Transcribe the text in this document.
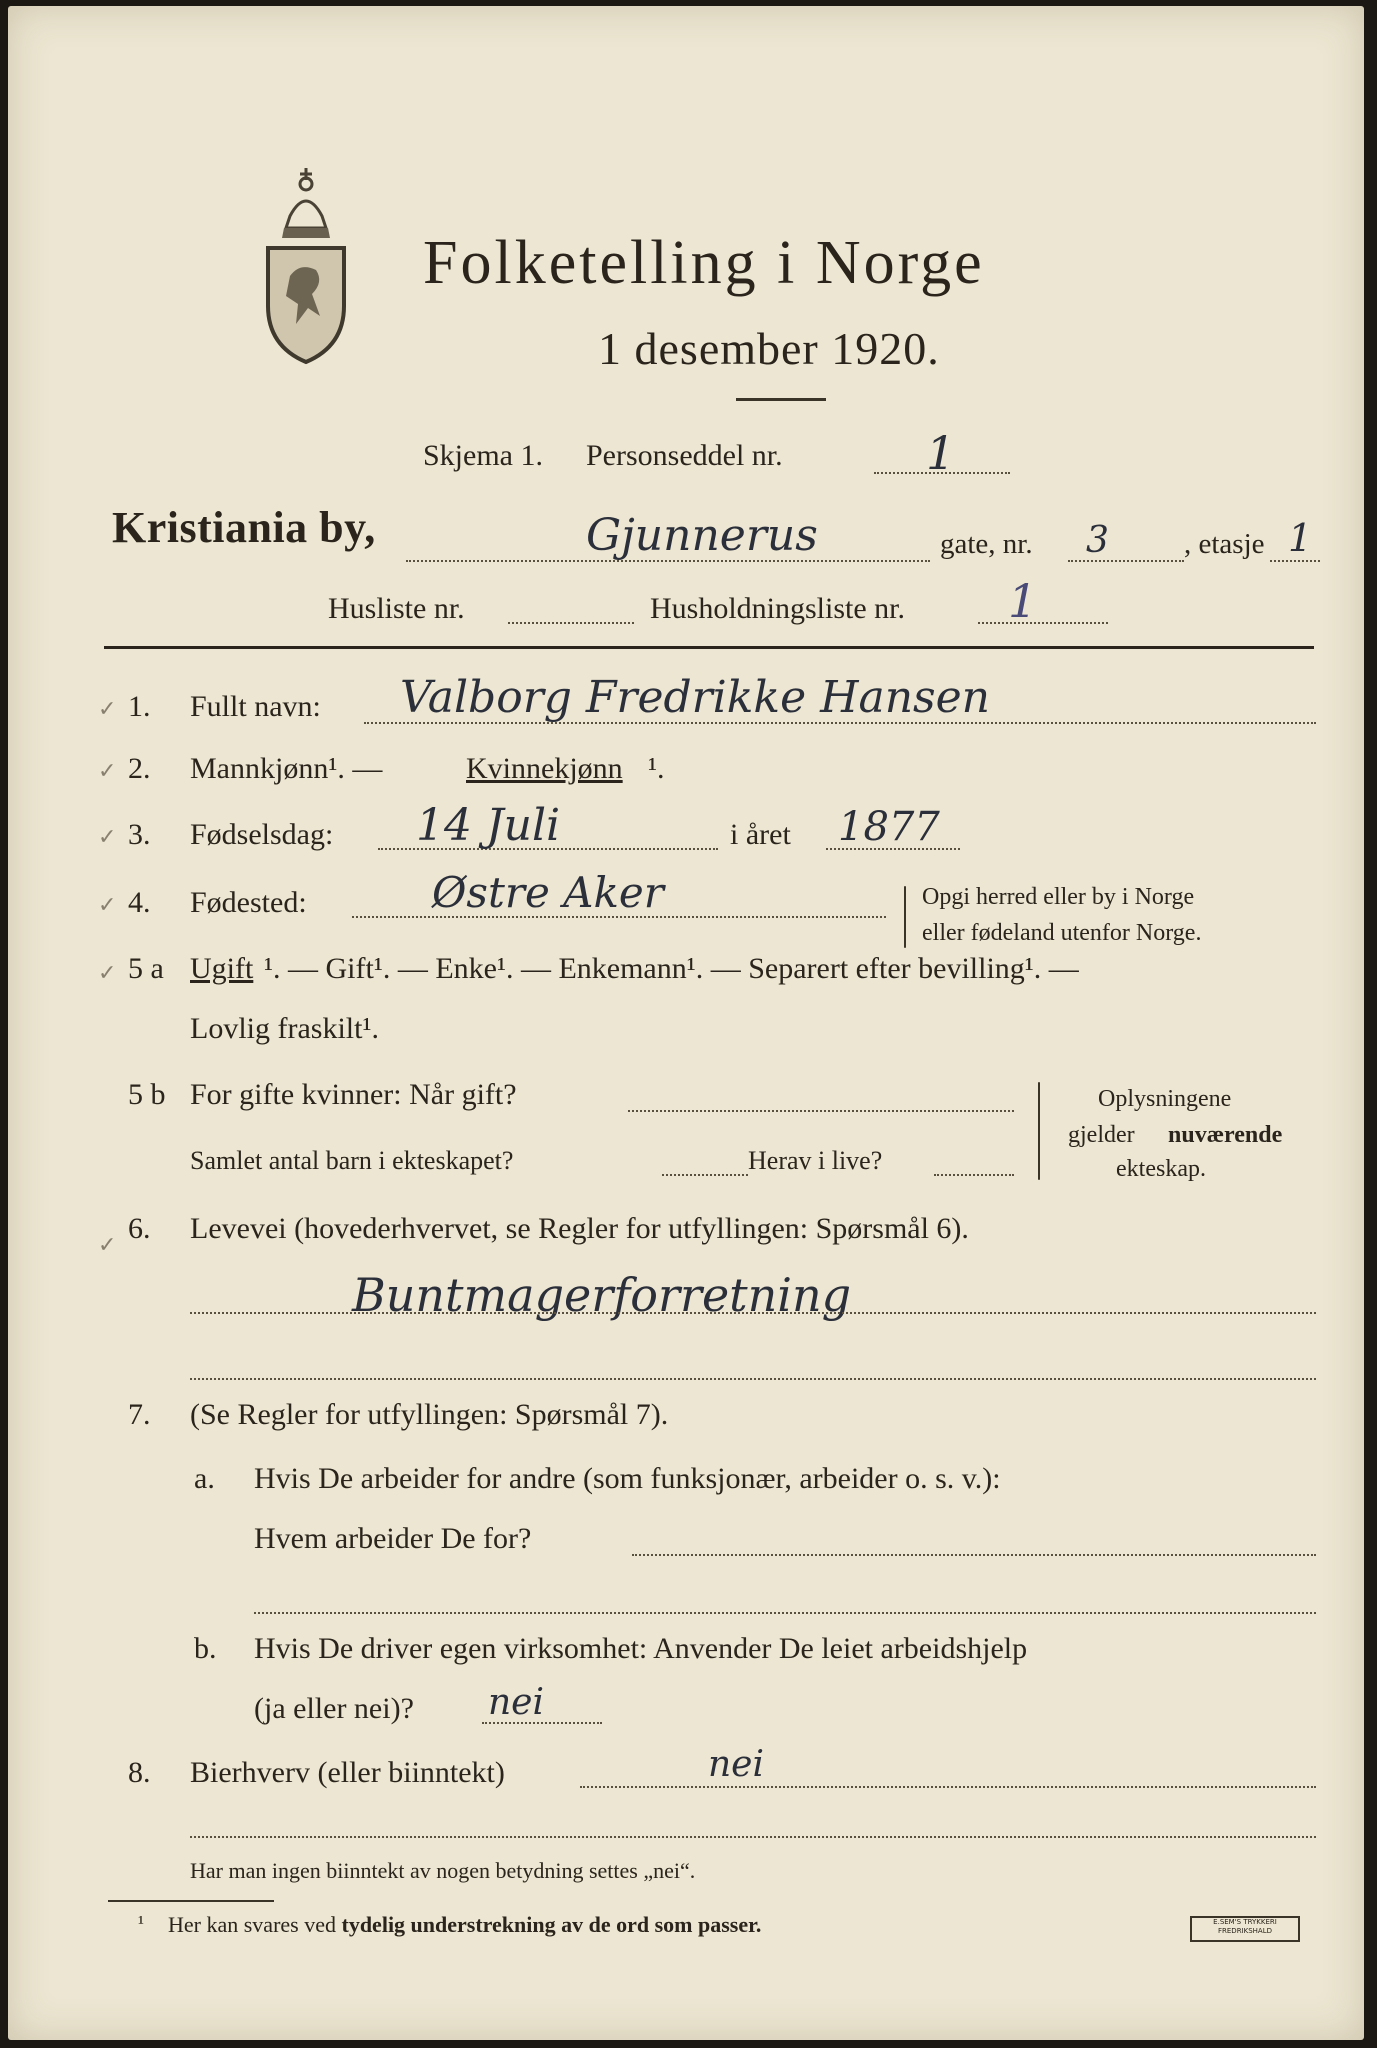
Folketelling i Norge
1 desember 1920.
Skjema 1. Personseddel nr.	1
Kristiania by,	Gjunnerus	gate, nr. 3	, etasje 1
Husliste nr.	Husholdningsliste nr. 1
✓ 1. Fullt navn: Valborg Fredrikke Hansen
✓ 2. Mannkjønn¹. —	Kvinnekjønn ¹.
✓ 3. Fødselsdag: 14 Juli	i året 1877
✓ 4. Fødested:	Østre Aker	Opgi herred eller by i Norge
eller fødeland utenfor Norge.
✓ 5 a Ugift ¹. — Gift¹. — Enke¹. — Enkemann¹. — Separert efter bevilling¹. —
Lovlig fraskilt¹.
5 b For gifte kvinner: Når gift?
Samlet antal barn i ekteskapet?	Herav i live?
Oplysningene
gjelder nuværende
ekteskap.
✓ 6. Levevei (hovederhvervet, se Regler for utfyllingen: Spørsmål 6).
Buntmagerforretning
7. (Se Regler for utfyllingen: Spørsmål 7).
a. Hvis De arbeider for andre (som funksjonær, arbeider o. s. v.):
Hvem arbeider De for?
b. Hvis De driver egen virksomhet: Anvender De leiet arbeidshjelp
(ja eller nei)? nei
8. Bierhverv (eller biinntekt)	nei
Har man ingen biinntekt av nogen betydning settes „nei“.
¹ Her kan svares ved tydelig understrekning av de ord som passer.	E.SEM'S TRYKKERI FREDRIKSHALD
